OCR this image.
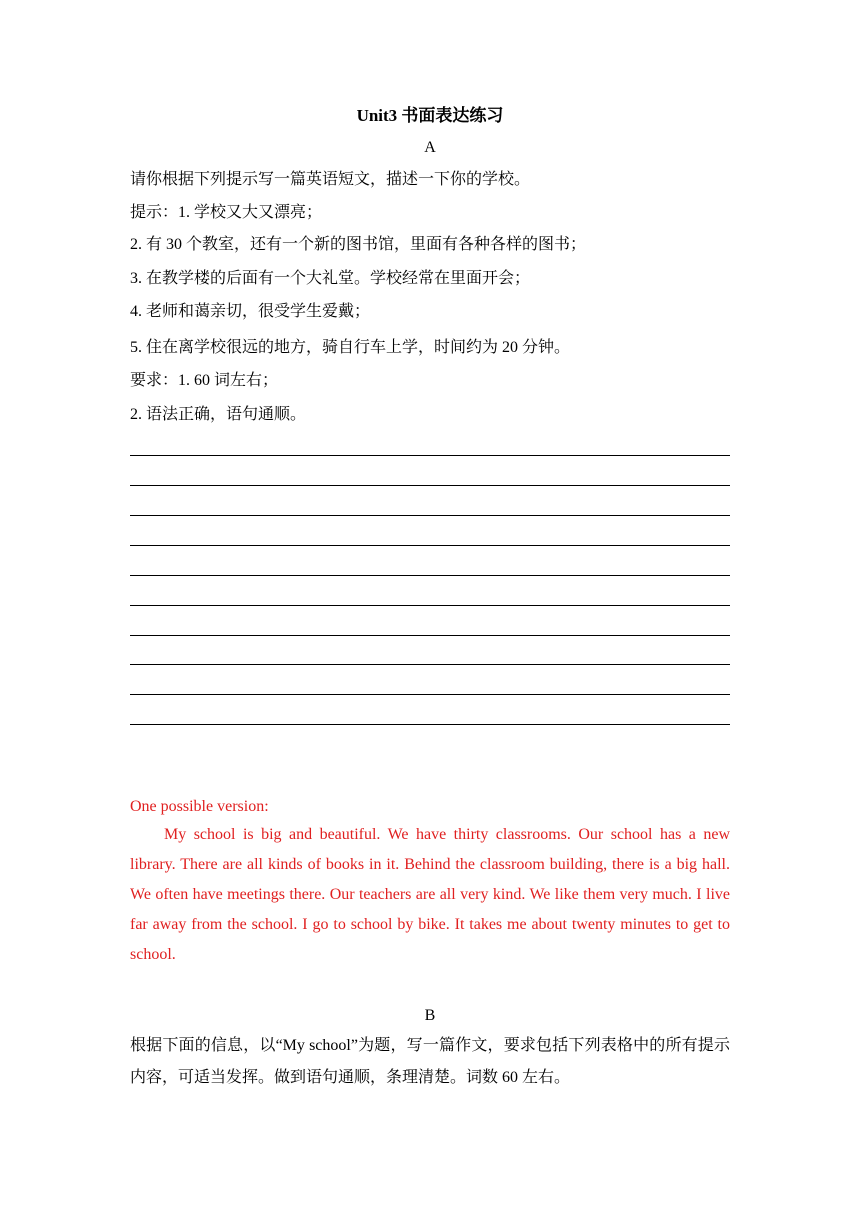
Unit3 书面表达练习
A
请你根据下列提示写一篇英语短文，描述一下你的学校。
提示：1. 学校又大又漂亮；
2. 有 30 个教室，还有一个新的图书馆，里面有各种各样的图书；
3. 在教学楼的后面有一个大礼堂。学校经常在里面开会；
4. 老师和蔼亲切，很受学生爱戴；
5. 住在离学校很远的地方，骑自行车上学，时间约为 20 分钟。
要求：1. 60 词左右；
2. 语法正确，语句通顺。
One possible version:
My school is big and beautiful. We have thirty classrooms. Our school has a new library. There are all kinds of books in it. Behind the classroom building, there is a big hall. We often have meetings there. Our teachers are all very kind. We like them very much. I live far away from the school. I go to school by bike. It takes me about twenty minutes to get to school.
B
根据下面的信息，以“My school”为题，写一篇作文，要求包括下列表格中的所有提示内容，可适当发挥。做到语句通顺，条理清楚。词数 60 左右。
